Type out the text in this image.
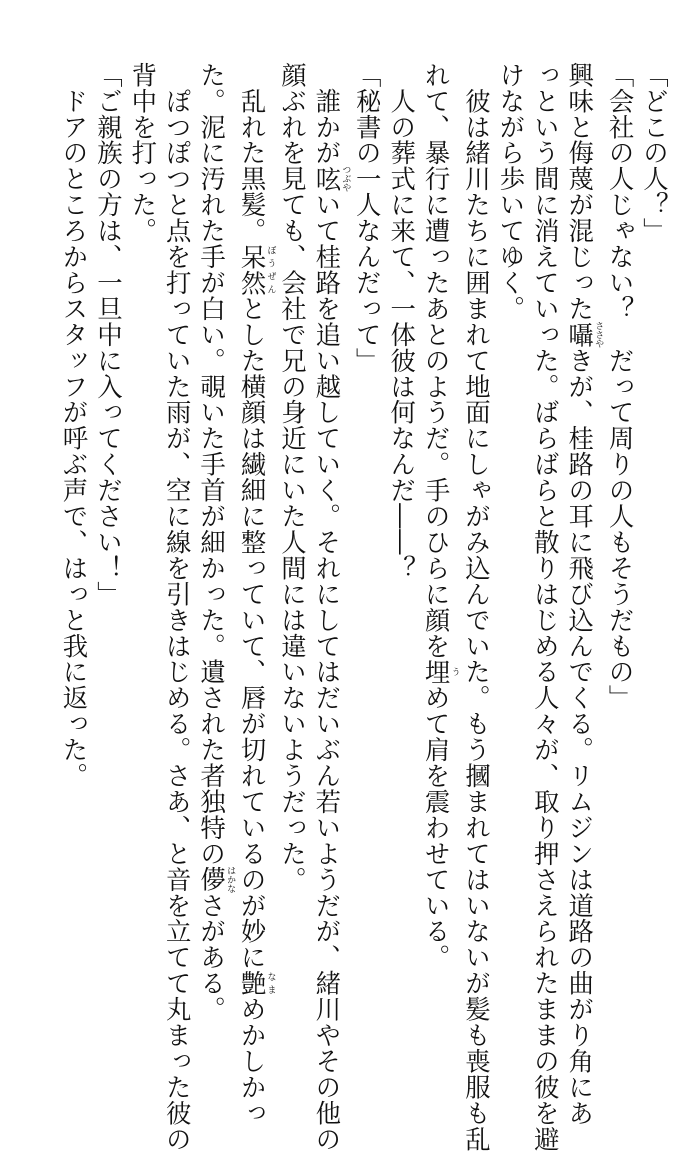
「どこの人？」
「会社の人じゃない？　だって周りの人もそうだもの」
興味と侮蔑が混じった囁ささやきが、桂路の耳に飛び込んでくる。リムジンは道路の曲がり角にあ
っという間に消えていった。ばらばらと散りはじめる人々が、取り押さえられたままの彼を避
けながら歩いてゆく。
　彼は緒川たちに囲まれて地面にしゃがみ込んでいた。もう摑まれてはいないが髪も喪服も乱
れて、暴行に遭ったあとのようだ。手のひらに顔を埋うめて肩を震わせている。
　人の葬式に来て、一体彼は何なんだ――？
「秘書の一人なんだって」
　誰かが呟つぶやいて桂路を追い越していく。それにしてはだいぶん若いようだが、緒川やその他の
顔ぶれを見ても、会社で兄の身近にいた人間には違いないようだった。
　乱れた黒髪。呆然ぼうぜんとした横顔は繊細に整っていて、唇が切れているのが妙に艶なまめかしかっ
た。泥に汚れた手が白い。覗いた手首が細かった。遺された者独特の儚はかなさがある。
　ぽつぽつと点を打っていた雨が、空に線を引きはじめる。さあ、と音を立てて丸まった彼の
背中を打った。
「ご親族の方は、一旦中に入ってください！」
　ドアのところからスタッフが呼ぶ声で、はっと我に返った。
